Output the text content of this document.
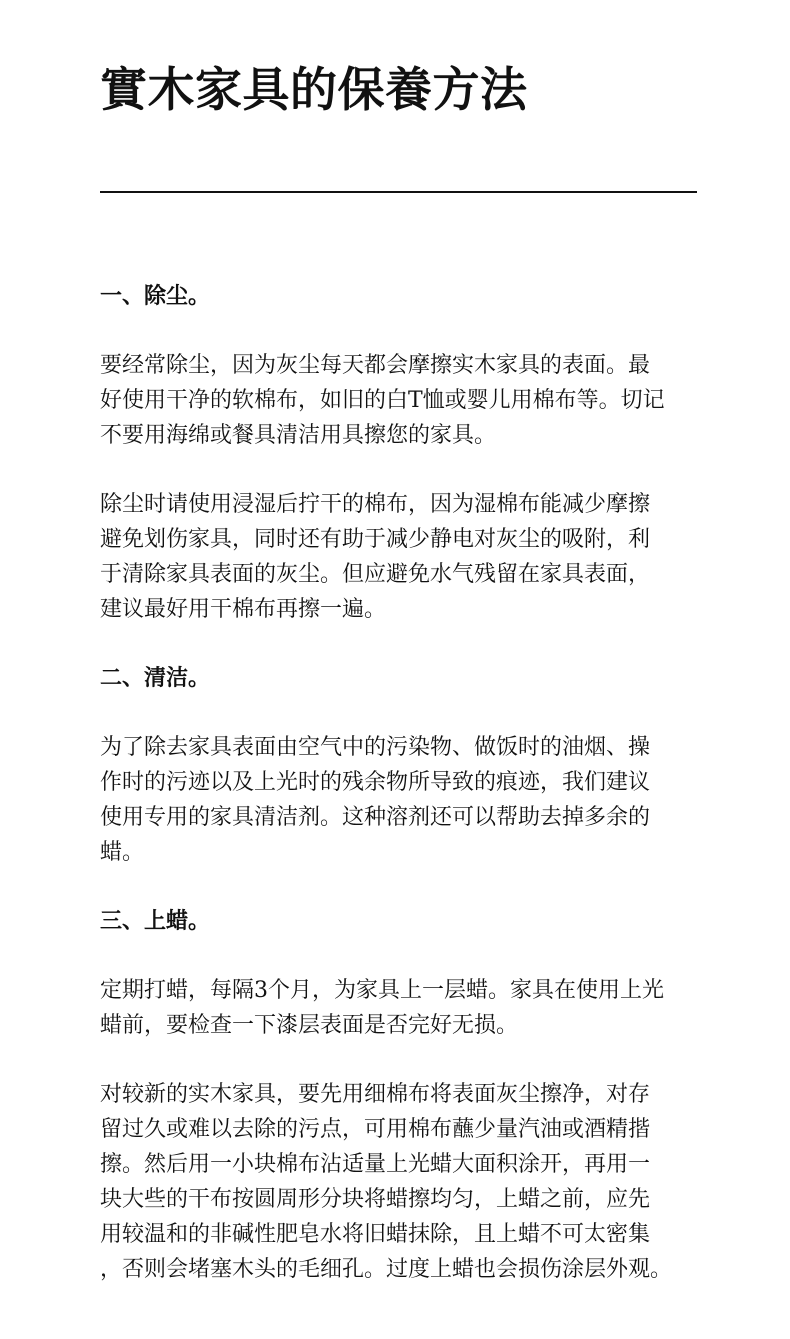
實木家具的保養方法
一、除尘。

要经常除尘，因为灰尘每天都会摩擦实木家具的表面。最
好使用干净的软棉布，如旧的白T恤或婴儿用棉布等。切记
不要用海绵或餐具清洁用具擦您的家具。

除尘时请使用浸湿后拧干的棉布，因为湿棉布能减少摩擦
避免划伤家具，同时还有助于减少静电对灰尘的吸附，利
于清除家具表面的灰尘。但应避免水气残留在家具表面，
建议最好用干棉布再擦一遍。

二、清洁。

为了除去家具表面由空气中的污染物、做饭时的油烟、操
作时的污迹以及上光时的残余物所导致的痕迹，我们建议
使用专用的家具清洁剂。这种溶剂还可以帮助去掉多余的
蜡。

三、上蜡。

定期打蜡，每隔3个月，为家具上一层蜡。家具在使用上光
蜡前，要检查一下漆层表面是否完好无损。

对较新的实木家具，要先用细棉布将表面灰尘擦净，对存
留过久或难以去除的污点，可用棉布蘸少量汽油或酒精揩
擦。然后用一小块棉布沾适量上光蜡大面积涂开，再用一
块大些的干布按圆周形分块将蜡擦均匀，上蜡之前，应先
用较温和的非碱性肥皂水将旧蜡抹除，且上蜡不可太密集
，否则会堵塞木头的毛细孔。过度上蜡也会损伤涂层外观。
